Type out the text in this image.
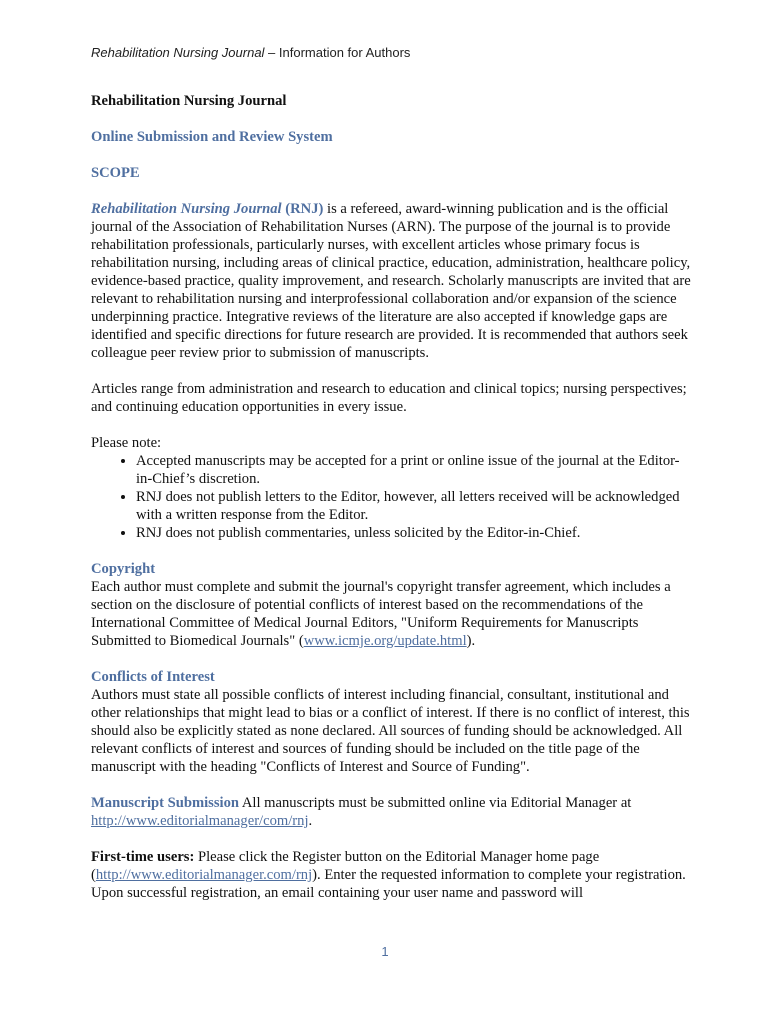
Rehabilitation Nursing Journal – Information for Authors

Rehabilitation Nursing Journal

Online Submission and Review System

SCOPE

Rehabilitation Nursing Journal (RNJ) is a refereed, award-winning publication and is the official journal of the Association of Rehabilitation Nurses (ARN). The purpose of the journal is to provide rehabilitation professionals, particularly nurses, with excellent articles whose primary focus is rehabilitation nursing, including areas of clinical practice, education, administration, healthcare policy, evidence-based practice, quality improvement, and research. Scholarly manuscripts are invited that are relevant to rehabilitation nursing and interprofessional collaboration and/or expansion of the science underpinning practice. Integrative reviews of the literature are also accepted if knowledge gaps are identified and specific directions for future research are provided. It is recommended that authors seek colleague peer review prior to submission of manuscripts.

Articles range from administration and research to education and clinical topics; nursing perspectives; and continuing education opportunities in every issue.

Please note:

• Accepted manuscripts may be accepted for a print or online issue of the journal at the Editor-in-Chief’s discretion.
• RNJ does not publish letters to the Editor, however, all letters received will be acknowledged with a written response from the Editor.
• RNJ does not publish commentaries, unless solicited by the Editor-in-Chief.

Copyright

Each author must complete and submit the journal's copyright transfer agreement, which includes a section on the disclosure of potential conflicts of interest based on the recommendations of the International Committee of Medical Journal Editors, "Uniform Requirements for Manuscripts Submitted to Biomedical Journals" (www.icmje.org/update.html).

Conflicts of Interest

Authors must state all possible conflicts of interest including financial, consultant, institutional and other relationships that might lead to bias or a conflict of interest. If there is no conflict of interest, this should also be explicitly stated as none declared. All sources of funding should be acknowledged. All relevant conflicts of interest and sources of funding should be included on the title page of the manuscript with the heading "Conflicts of Interest and Source of Funding".

Manuscript Submission All manuscripts must be submitted online via Editorial Manager at http://www.editorialmanager/com/rnj.

First-time users: Please click the Register button on the Editorial Manager home page (http://www.editorialmanager.com/rnj). Enter the requested information to complete your registration. Upon successful registration, an email containing your user name and password will

1
